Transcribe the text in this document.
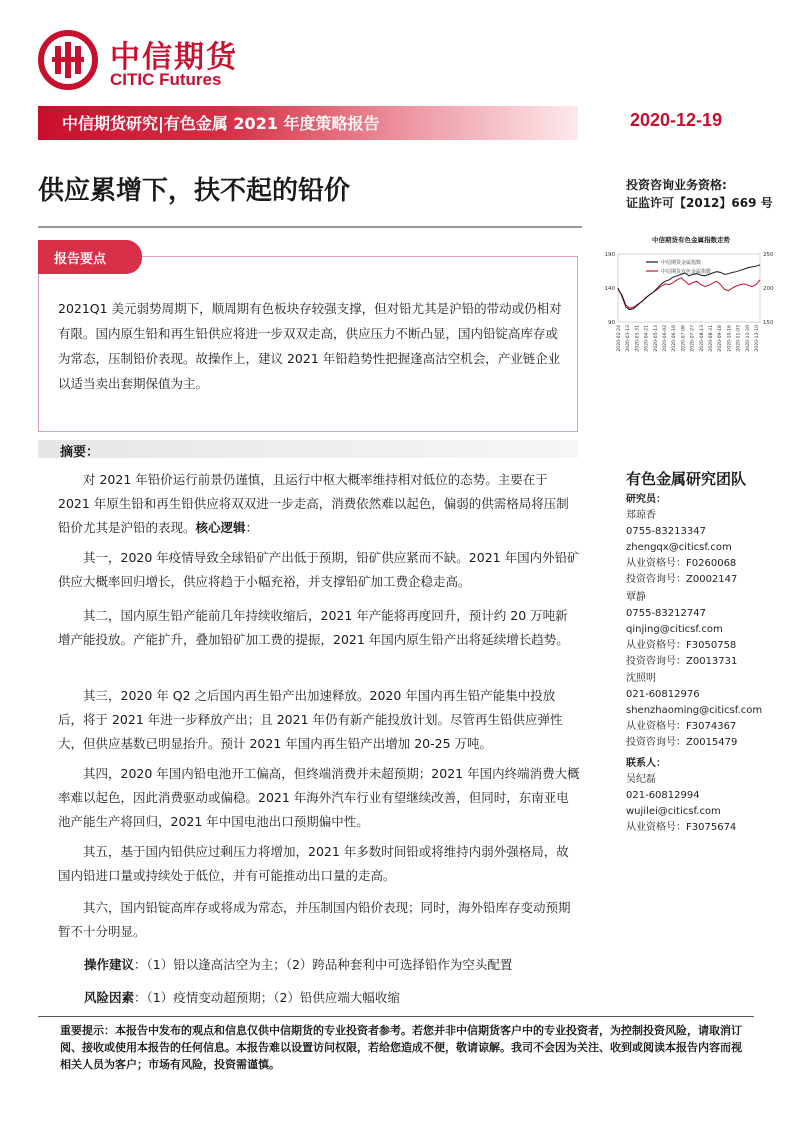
中信期货
CITIC Futures
中信期货研究|有色金属 2021 年度策略报告	2020-12-19
供应累增下，扶不起的铅价	投资咨询业务资格:
证监许可【2012】669 号
报告要点
2021Q1 美元弱势周期下，顺周期有色板块存较强支撑，但对铅尤其是沪铅的带动或仍相对有限。国内原生铅和再生铅供应将进一步双双走高，供应压力不断凸显，国内铅锭高库存或为常态，压制铅价表现。故操作上，建议 2021 年铅趋势性把握逢高沽空机会，产业链企业以适当卖出套期保值为主。
中信期货有色金属指数走势
中信期货金属指数
中信期货有色金属指数
190
140
90
250
200
150
2020-02-24 2020-03-13 2020-03-31 2020-04-21 2020-05-13 2020-06-02 2020-06-19 2020-07-08 2020-07-27 2020-08-13 2020-08-31 2020-09-18 2020-10-16 2020-11-03 2020-11-20 2020-12-10
摘要：
对 2021 年铅价运行前景仍谨慎，且运行中枢大概率维持相对低位的态势。主要在于 2021 年原生铅和再生铅供应将双双进一步走高，消费依然难以起色，偏弱的供需格局将压制铅价尤其是沪铅的表现。核心逻辑：
其一，2020 年疫情导致全球铅矿产出低于预期，铅矿供应紧而不缺。2021 年国内外铅矿供应大概率回归增长，供应将趋于小幅充裕，并支撑铅矿加工费企稳走高。
其二，国内原生铅产能前几年持续收缩后，2021 年产能将再度回升，预计约 20 万吨新增产能投放。产能扩升，叠加铅矿加工费的提振，2021 年国内原生铅产出将延续增长趋势。
其三，2020 年 Q2 之后国内再生铅产出加速释放。2020 年国内再生铅产能集中投放后，将于 2021 年进一步释放产出；且 2021 年仍有新产能投放计划。尽管再生铅供应弹性大，但供应基数已明显抬升。预计 2021 年国内再生铅产出增加 20-25 万吨。
其四，2020 年国内铅电池开工偏高，但终端消费并未超预期；2021 年国内终端消费大概率难以起色，因此消费驱动或偏稳。2021 年海外汽车行业有望继续改善，但同时，东南亚电池产能生产将回归，2021 年中国电池出口预期偏中性。
其五，基于国内铅供应过剩压力将增加，2021 年多数时间铅或将维持内弱外强格局，故国内铅进口量或持续处于低位，并有可能推动出口量的走高。
其六，国内铅锭高库存或将成为常态，并压制国内铅价表现；同时，海外铅库存变动预期暂不十分明显。
操作建议：（1）铅以逢高沽空为主；（2）跨品种套利中可选择铅作为空头配置
风险因素：（1）疫情变动超预期；（2）铅供应端大幅收缩
有色金属研究团队
研究员：
郑琼香
0755-83213347
zhengqx@citicsf.com
从业资格号：F0260068
投资咨询号：Z0002147
覃静
0755-83212747
qinjing@citicsf.com
从业资格号：F3050758
投资咨询号：Z0013731
沈照明
021-60812976
shenzhaoming@citicsf.com
从业资格号：F3074367
投资咨询号：Z0015479
联系人：
吴纪磊
021-60812994
wujilei@citicsf.com
从业资格号：F3075674
重要提示：本报告中发布的观点和信息仅供中信期货的专业投资者参考。若您并非中信期货客户中的专业投资者，为控制投资风险，请取消订阅、接收或使用本报告的任何信息。本报告难以设置访问权限，若给您造成不便，敬请谅解。我司不会因为关注、收到或阅读本报告内容而视相关人员为客户；市场有风险，投资需谨慎。
